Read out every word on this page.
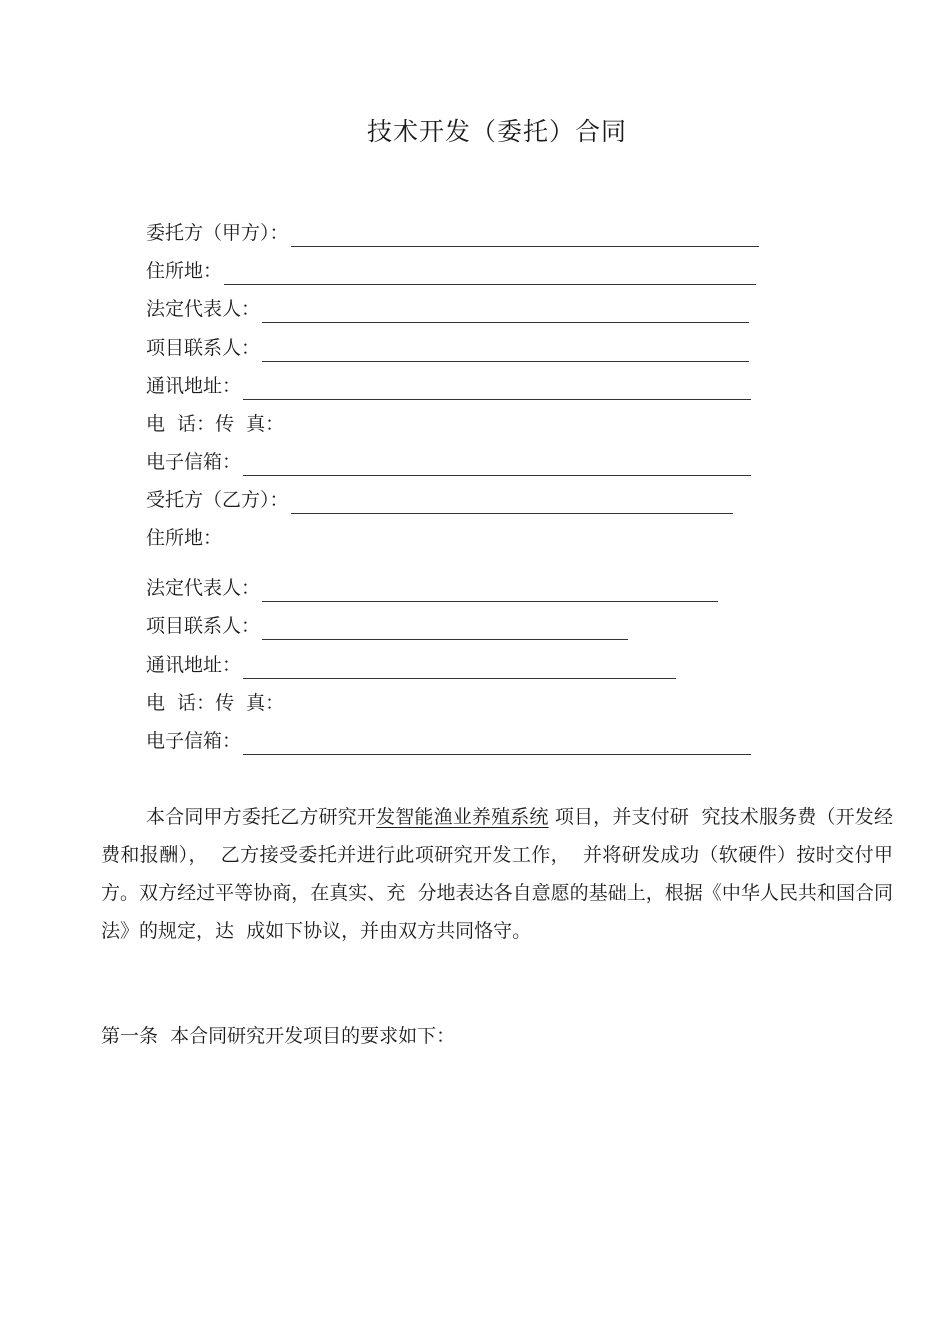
技术开发（委托）合同
委托方（甲方）：
住所地：
法定代表人：
项目联系人：
通讯地址：
电  话：传  真：
电子信箱：
受托方（乙方）：
住所地：
法定代表人：
项目联系人：
通讯地址：
电  话：传  真：
电子信箱：
本合同甲方委托乙方研究开发智能渔业养殖系统 项目，并支付研  究技术服务费（开发经费和报酬），  乙方接受委托并进行此项研究开发工作，  并将研发成功（软硬件）按时交付甲方。双方经过平等协商，在真实、充  分地表达各自意愿的基础上，根据《中华人民共和国合同法》的规定，达  成如下协议，并由双方共同恪守。
第一条  本合同研究开发项目的要求如下：
